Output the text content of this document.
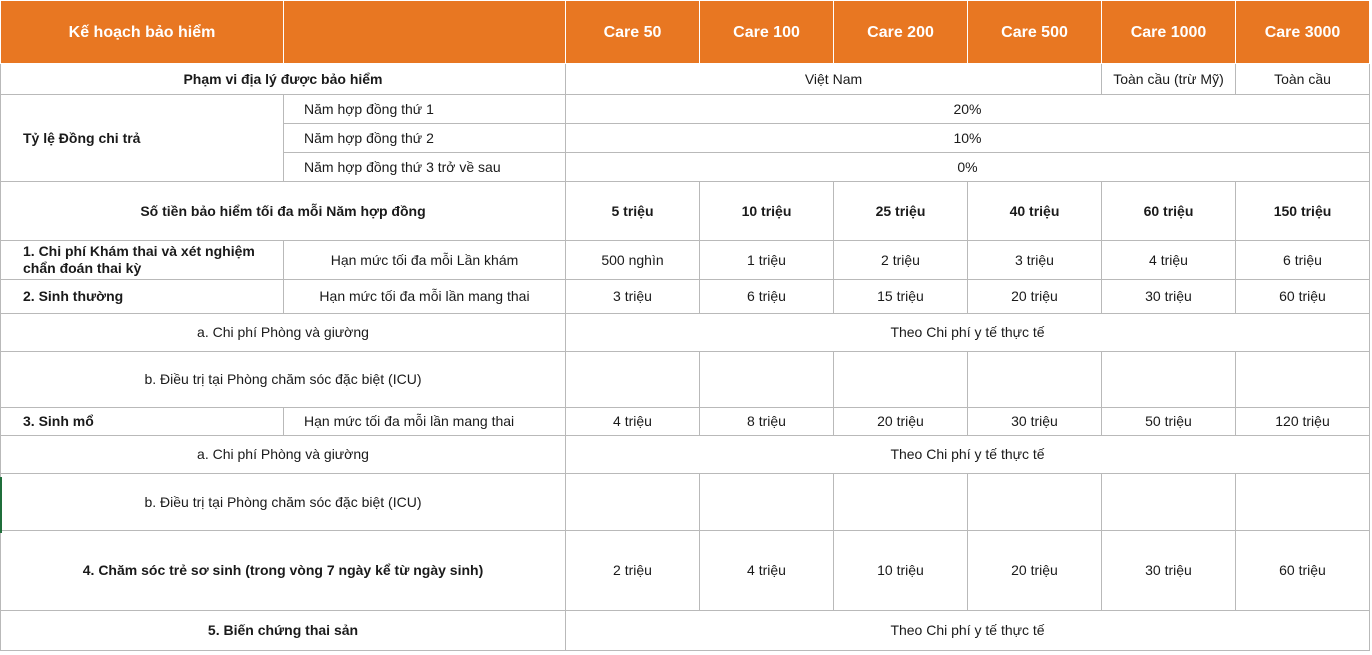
Kế hoạch bảo hiểm		Care 50	Care 100	Care 200	Care 500	Care 1000	Care 3000
Phạm vi địa lý được bảo hiểm		Việt Nam				Toàn cầu (trừ Mỹ)	Toàn cầu
Tỷ lệ Đồng chi trả	Năm hợp đồng thứ 1	20%					
	Năm hợp đồng thứ 2	10%					
	Năm hợp đồng thứ 3 trở về sau	0%					
Số tiền bảo hiểm tối đa mỗi Năm hợp đồng		5 triệu	10 triệu	25 triệu	40 triệu	60 triệu	150 triệu
1. Chi phí Khám thai và xét nghiệm chẩn đoán thai kỳ	Hạn mức tối đa mỗi Lần khám	500 nghìn	1 triệu	2 triệu	3 triệu	4 triệu	6 triệu
2. Sinh thường	Hạn mức tối đa mỗi lần mang thai	3 triệu	6 triệu	15 triệu	20 triệu	30 triệu	60 triệu
a. Chi phí Phòng và giường		Theo Chi phí y tế thực tế					
b. Điều trị tại Phòng chăm sóc đặc biệt (ICU)							
3. Sinh mổ	Hạn mức tối đa mỗi lần mang thai	4 triệu	8 triệu	20 triệu	30 triệu	50 triệu	120 triệu
a. Chi phí Phòng và giường		Theo Chi phí y tế thực tế					
b. Điều trị tại Phòng chăm sóc đặc biệt (ICU)							
4. Chăm sóc trẻ sơ sinh (trong vòng 7 ngày kể từ ngày sinh)		2 triệu	4 triệu	10 triệu	20 triệu	30 triệu	60 triệu
5. Biến chứng thai sản		Theo Chi phí y tế thực tế					
